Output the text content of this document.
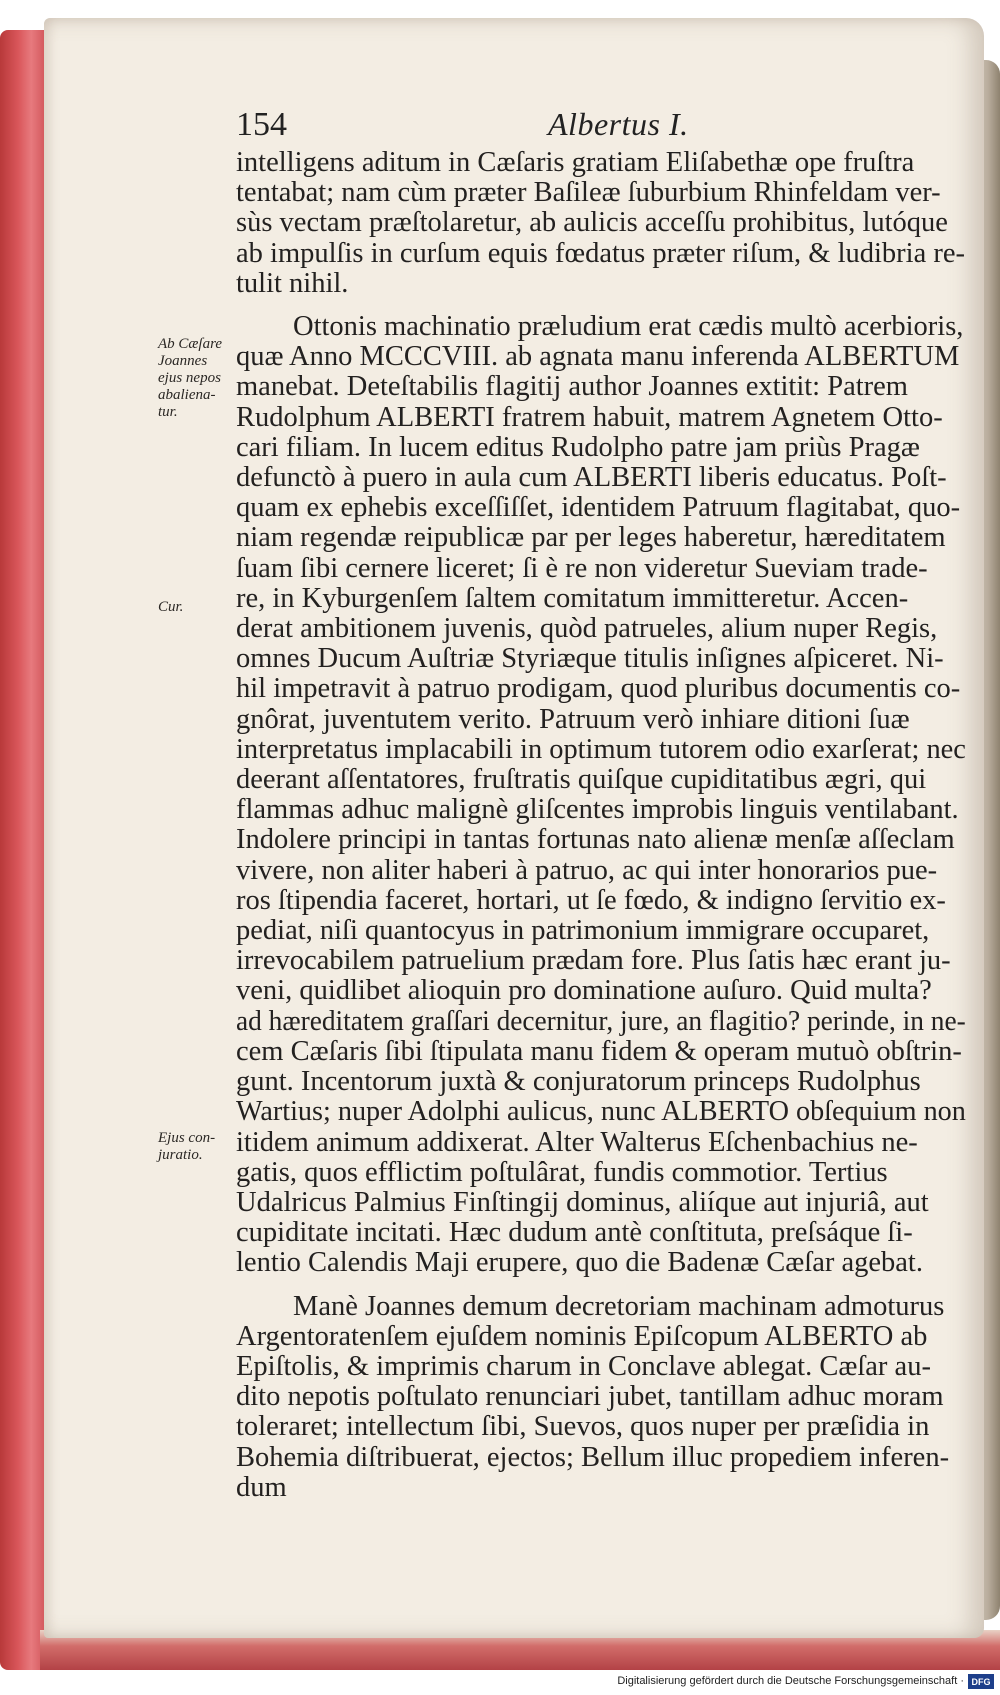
154	Albertus I.
Ab Cæſare
Joannes
ejus nepos
abaliena-
tur.
Cur.
Ejus con-
juratio.
intelligens aditum in Cæſaris gratiam Eliſabethæ ope fruſtra
tentabat; nam cùm præter Baſileæ ſuburbium Rhinfeldam ver-
sùs vectam præſtolaretur, ab aulicis acceſſu prohibitus, lutóque
ab impulſis in curſum equis fœdatus præter riſum, & ludibria re-
tulit nihil.
Ottonis machinatio præludium erat cædis multò acerbioris,
quæ Anno MCCCVIII. ab agnata manu inferenda ALBERTUM
manebat. Deteſtabilis flagitij author Joannes extitit: Patrem
Rudolphum ALBERTI fratrem habuit, matrem Agnetem Otto-
cari filiam. In lucem editus Rudolpho patre jam priùs Pragæ
defunctò à puero in aula cum ALBERTI liberis educatus. Poſt-
quam ex ephebis exceſſiſſet, identidem Patruum flagitabat, quo-
niam regendæ reipublicæ par per leges haberetur, hæreditatem
ſuam ſibi cernere liceret; ſi è re non videretur Sueviam trade-
re, in Kyburgenſem ſaltem comitatum immitteretur. Accen-
derat ambitionem juvenis, quòd patrueles, alium nuper Regis,
omnes Ducum Auſtriæ Styriæque titulis inſignes aſpiceret. Ni-
hil impetravit à patruo prodigam, quod pluribus documentis co-
gnôrat, juventutem verito. Patruum verò inhiare ditioni ſuæ
interpretatus implacabili in optimum tutorem odio exarſerat; nec
deerant aſſentatores, fruſtratis quiſque cupiditatibus ægri, qui
flammas adhuc malignè gliſcentes improbis linguis ventilabant.
Indolere principi in tantas fortunas nato alienæ menſæ aſſeclam
vivere, non aliter haberi à patruo, ac qui inter honorarios pue-
ros ſtipendia faceret, hortari, ut ſe fœdo, & indigno ſervitio ex-
pediat, niſi quantocyus in patrimonium immigrare occuparet,
irrevocabilem patruelium prædam fore. Plus ſatis hæc erant ju-
veni, quidlibet alioquin pro dominatione auſuro. Quid multa?
ad hæreditatem graſſari decernitur, jure, an flagitio? perinde, in ne-
cem Cæſaris ſibi ſtipulata manu fidem & operam mutuò obſtrin-
gunt. Incentorum juxtà & conjuratorum princeps Rudolphus
Wartius; nuper Adolphi aulicus, nunc ALBERTO obſequium non
itidem animum addixerat. Alter Walterus Eſchenbachius ne-
gatis, quos efflictim poſtulârat, fundis commotior. Tertius
Udalricus Palmius Finſtingij dominus, aliíque aut injuriâ, aut
cupiditate incitati. Hæc dudum antè conſtituta, preſsáque ſi-
lentio Calendis Maji erupere, quo die Badenæ Cæſar agebat.
Manè Joannes demum decretoriam machinam admoturus
Argentoratenſem ejuſdem nominis Epiſcopum ALBERTO ab
Epiſtolis, & imprimis charum in Conclave ablegat. Cæſar au-
dito nepotis poſtulato renunciari jubet, tantillam adhuc moram
toleraret; intellectum ſibi, Suevos, quos nuper per præſidia in
Bohemia diſtribuerat, ejectos; Bellum illuc propediem inferen-
dum
Digitalisierung gefördert durch die Deutsche Forschungsgemeinschaft · DFG
